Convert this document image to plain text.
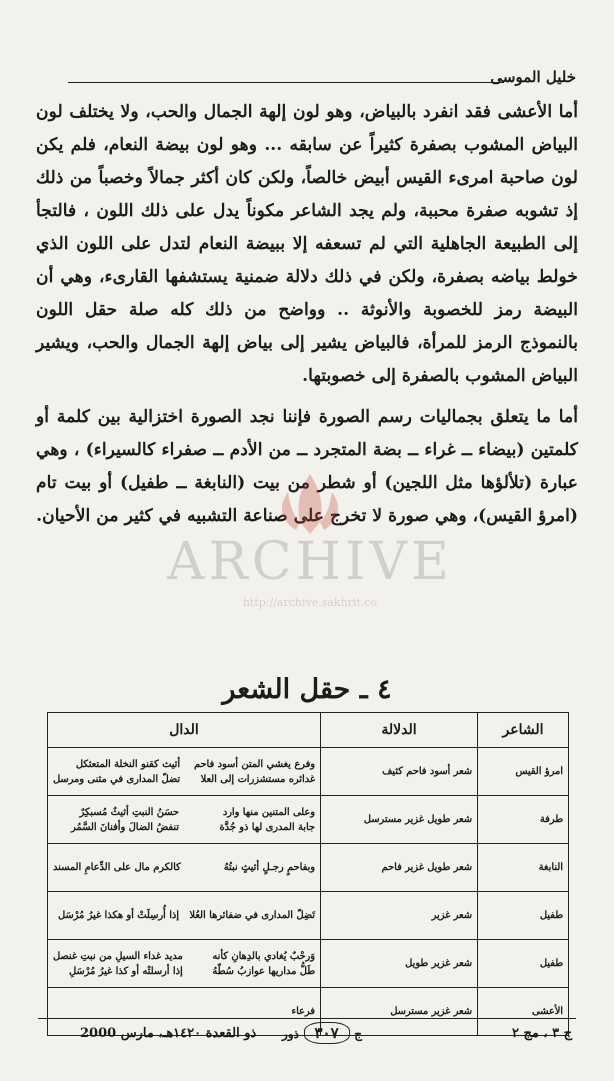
خليل الموسى

أما الأعشى فقد انفرد بالبياض، وهو لون إلهة الجمال والحب، ولا يختلف لون البياض المشوب بصفرة كثيراً عن سابقه ... وهو لون بيضة النعام، فلم يكن لون صاحبة امرىء القيس أبيض خالصاً، ولكن كان أكثر جمالاً وخصباً من ذلك إذ تشوبه صفرة محببة، ولم يجد الشاعر مكوناً يدل على ذلك اللون ، فالتجأ إلى الطبيعة الجاهلية التي لم تسعفه إلا ببيضة النعام لتدل على اللون الذي خولط بياضه بصفرة، ولكن في ذلك دلالة ضمنية يستشفها القارىء، وهي أن البيضة رمز للخصوبة والأنوثة .. وواضح من ذلك كله صلة حقل اللون بالنموذج الرمز للمرأة، فالبياض يشير إلى بياض إلهة الجمال والحب، ويشير البياض المشوب بالصفرة إلى خصوبتها.

أما ما يتعلق بجماليات رسم الصورة فإننا نجد الصورة اختزالية بين كلمة أو كلمتين (بيضاء ــ غراء ــ بضة المتجرد ــ من الأدم ــ صفراء كالسيراء) ، وهي عبارة (تلألؤها مثل اللجين) أو شطر من بيت (النابغة ــ طفيل) أو بيت تام (امرؤ القيس)، وهي صورة لا تخرج على صناعة التشبيه في كثير من الأحيان.

ARCHIVE
http://archive.sakhrit.co
٤ ـ حقل الشعر
الشاعر	الدلالة	الدال
امرؤ القيس	شعر أسود فاحم كثيف	وفرع يغشي المتن أسود فاحم
غدائره مستشزرات إلى العلا
أثيث كقنو النخلة المتعثكل
تضلّ المدارى في مثنى ومرسل

طرفة	شعر طويل غزير مسترسل	وعلى المتنين منها وارد
جابة المدرى لها ذو جُدَّة
حسَنُ النبتِ أثيثٌ مُسبكِرٌ
تنفضُ الضالَ وأفنانَ السَّمُر

النابغة	شعر طويل غزير فاحم	وبفاحمٍ رجـلٍ أثيثٍ نبتُهُ
كالكرم مال على الدِّعامِ المسند

طفيل	شعر غزير	تَضِلّ المدارى في ضفائرها العُلا
إذا أُرسِلَتْ أو هكذا غيرُ مُرْسَل

طفيل	شعر غزير طويل	وَرحْبٌ يُغادي بالدِهانِ كأنه
طَلُّ مداريها عوازبُ سُطّهُ
مديد غداء السيلِ من نبتِ غنصل
إذا أرسلتْه أو كذا غيرُ مُرْسَلِ

الأعشى	شعر غزير مسترسل	فرعاء
ج ٣ ، مج ٢
ج ٣٠٧ ذور
ذو القعدة ١٤٢٠هـ، مارس 2000
